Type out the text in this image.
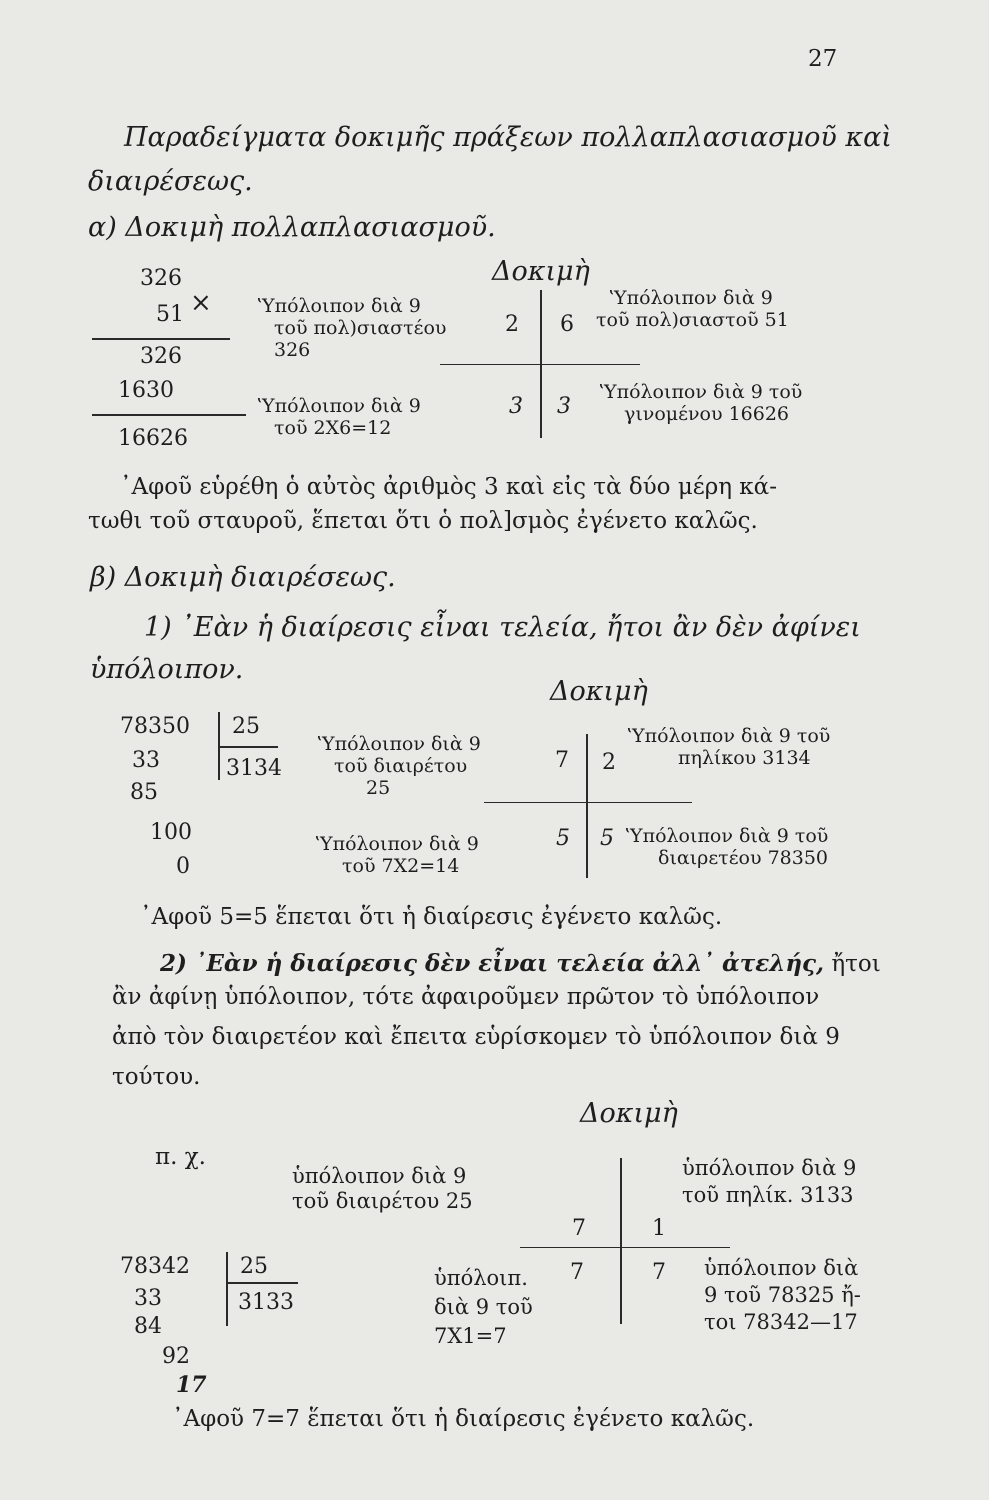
27
Παραδείγματα δοκιμῆς πράξεων πολλαπλασιασμοῦ καὶ
διαιρέσεως.
α) Δοκιμὴ πολλαπλασιασμοῦ.
Δοκιμὴ
326
51 ×
326
1630
16626
ʽΥπόλοιπον διὰ 9
τοῦ πολ)σιαστέου
326
ʽΥπόλοιπον διὰ 9
τοῦ 2Χ6=12
2 6
3 3
ʽΥπόλοιπον διὰ 9
τοῦ πολ)σιαστοῦ 51
ʽΥπόλοιπον διὰ 9 τοῦ
γινομένου 16626
᾿Αφοῦ εὑρέθη ὁ αὐτὸς ἀριθμὸς 3 καὶ εἰς τὰ δύο μέρη κά-
τωθι τοῦ σταυροῦ, ἕπεται ὅτι ὁ πολ]σμὸς ἐγένετο καλῶς.
β) Δοκιμὴ διαιρέσεως.
1) ᾿Εὰν ἡ διαίρεσις εἶναι τελεία, ἤτοι ἂν δὲν ἀφίνει
ὑπόλοιπον.
Δοκιμὴ
78350 25
3134
33
85
100
0
ʽΥπόλοιπον διὰ 9
τοῦ διαιρέτου
25
ʽΥπόλοιπον διὰ 9
τοῦ 7Χ2=14
7 2
5 5
ʽΥπόλοιπον διὰ 9 τοῦ
πηλίκου 3134
ʽΥπόλοιπον διὰ 9 τοῦ
διαιρετέου 78350
᾿Αφοῦ 5=5 ἕπεται ὅτι ἡ διαίρεσις ἐγένετο καλῶς.
2) ᾿Εὰν ἡ διαίρεσις δὲν εἶναι τελεία ἀλλ᾿ ἀτελής, ἤτοι
ἂν ἀφίνῃ ὑπόλοιπον, τότε ἀφαιροῦμεν πρῶτον τὸ ὑπόλοιπον
ἀπὸ τὸν διαιρετέον καὶ ἔπειτα εὑρίσκομεν τὸ ὑπόλοιπον διὰ 9
τούτου.
Δοκιμὴ
π. χ.
ὑπόλοιπον διὰ 9
τοῦ διαιρέτου 25
78342 25
3133
33
84
92
17
ὑπόλοιπ.
διὰ 9 τοῦ
7Χ1=7
7	1
7	7
ὑπόλοιπον διὰ 9
τοῦ πηλίκ. 3133
ὑπόλοιπον διὰ
9 τοῦ 78325 ἤ-
τοι 78342—17
᾿Αφοῦ 7=7 ἕπεται ὅτι ἡ διαίρεσις ἐγένετο καλῶς.
